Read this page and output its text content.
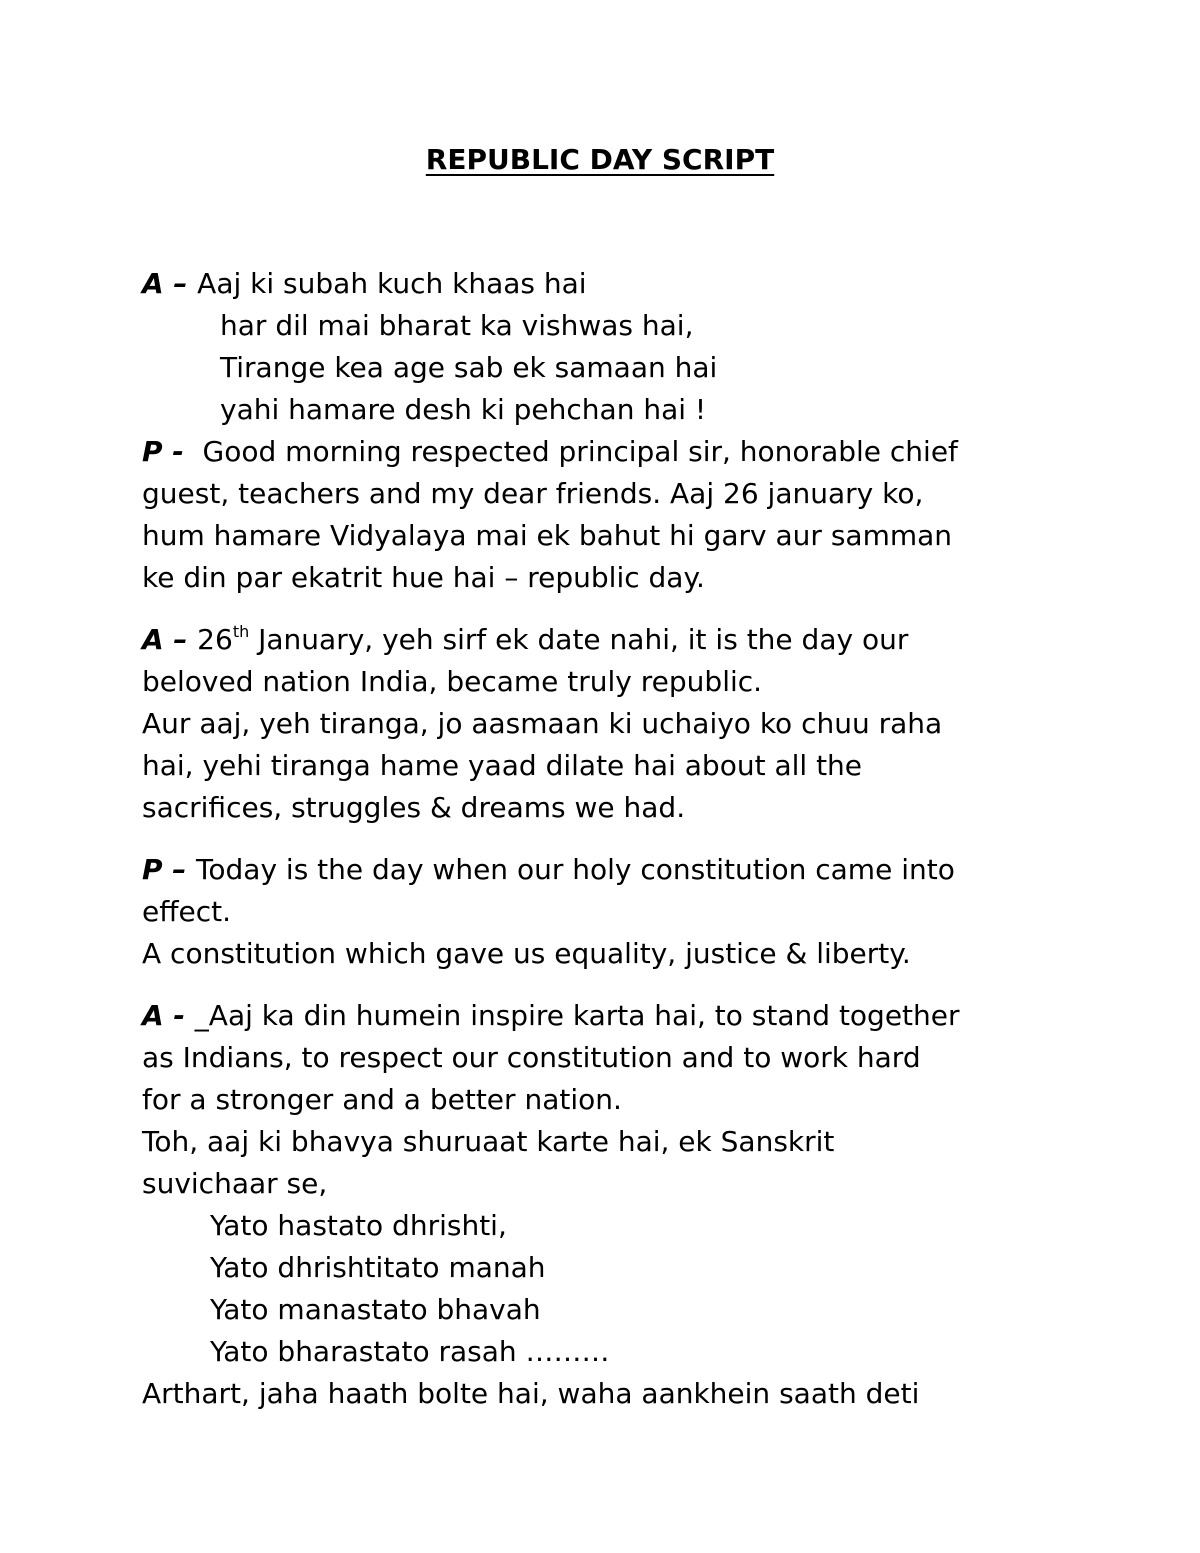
REPUBLIC DAY SCRIPT
A – Aaj ki subah kuch khaas hai
har dil mai bharat ka vishwas hai,
Tirange kea age sab ek samaan hai
yahi hamare desh ki pehchan hai !
P -  Good morning respected principal sir, honorable chief
guest, teachers and my dear friends. Aaj 26 january ko,
hum hamare Vidyalaya mai ek bahut hi garv aur samman
ke din par ekatrit hue hai – republic day.
A – 26th January, yeh sirf ek date nahi, it is the day our
beloved nation India, became truly republic.
Aur aaj, yeh tiranga, jo aasmaan ki uchaiyo ko chuu raha
hai, yehi tiranga hame yaad dilate hai about all the
sacrifices, struggles & dreams we had.
P – Today is the day when our holy constitution came into
effect.
A constitution which gave us equality, justice & liberty.
A - _Aaj ka din humein inspire karta hai, to stand together
as Indians, to respect our constitution and to work hard
for a stronger and a better nation.
Toh, aaj ki bhavya shuruaat karte hai, ek Sanskrit
suvichaar se,
Yato hastato dhrishti,
Yato dhrishtitato manah
Yato manastato bhavah
Yato bharastato rasah ………
Arthart, jaha haath bolte hai, waha aankhein saath deti
